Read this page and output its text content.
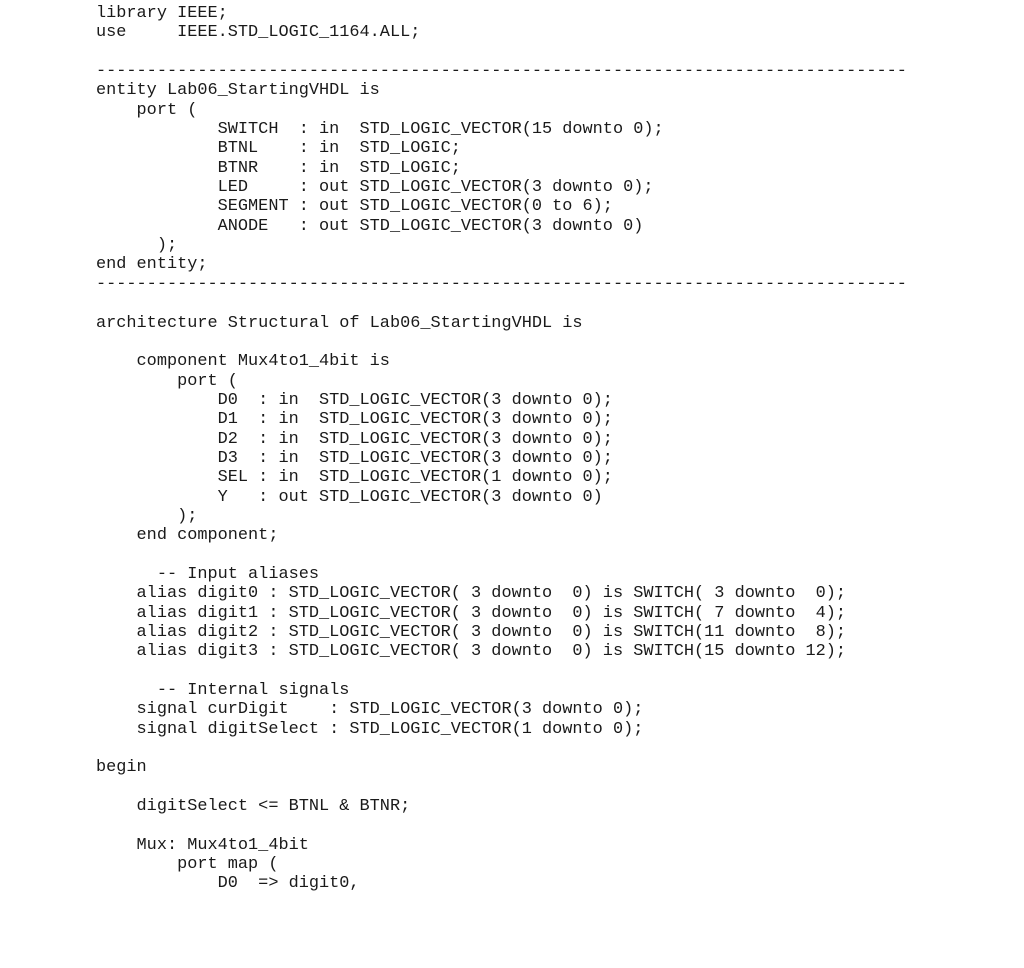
library IEEE;
use     IEEE.STD_LOGIC_1164.ALL;
--------------------------------------------------------------------------------
entity Lab06_StartingVHDL is
port (
SWITCH  : in  STD_LOGIC_VECTOR(15 downto 0);
BTNL    : in  STD_LOGIC;
BTNR    : in  STD_LOGIC;
LED     : out STD_LOGIC_VECTOR(3 downto 0);
SEGMENT : out STD_LOGIC_VECTOR(0 to 6);
ANODE   : out STD_LOGIC_VECTOR(3 downto 0)
);
end entity;
--------------------------------------------------------------------------------
architecture Structural of Lab06_StartingVHDL is
component Mux4to1_4bit is
port (
D0  : in  STD_LOGIC_VECTOR(3 downto 0);
D1  : in  STD_LOGIC_VECTOR(3 downto 0);
D2  : in  STD_LOGIC_VECTOR(3 downto 0);
D3  : in  STD_LOGIC_VECTOR(3 downto 0);
SEL : in  STD_LOGIC_VECTOR(1 downto 0);
Y   : out STD_LOGIC_VECTOR(3 downto 0)
);
end component;
-- Input aliases
alias digit0 : STD_LOGIC_VECTOR( 3 downto  0) is SWITCH( 3 downto  0);
alias digit1 : STD_LOGIC_VECTOR( 3 downto  0) is SWITCH( 7 downto  4);
alias digit2 : STD_LOGIC_VECTOR( 3 downto  0) is SWITCH(11 downto  8);
alias digit3 : STD_LOGIC_VECTOR( 3 downto  0) is SWITCH(15 downto 12);
-- Internal signals
signal curDigit    : STD_LOGIC_VECTOR(3 downto 0);
signal digitSelect : STD_LOGIC_VECTOR(1 downto 0);
begin
digitSelect <= BTNL & BTNR;
Mux: Mux4to1_4bit
port map (
D0  => digit0,
